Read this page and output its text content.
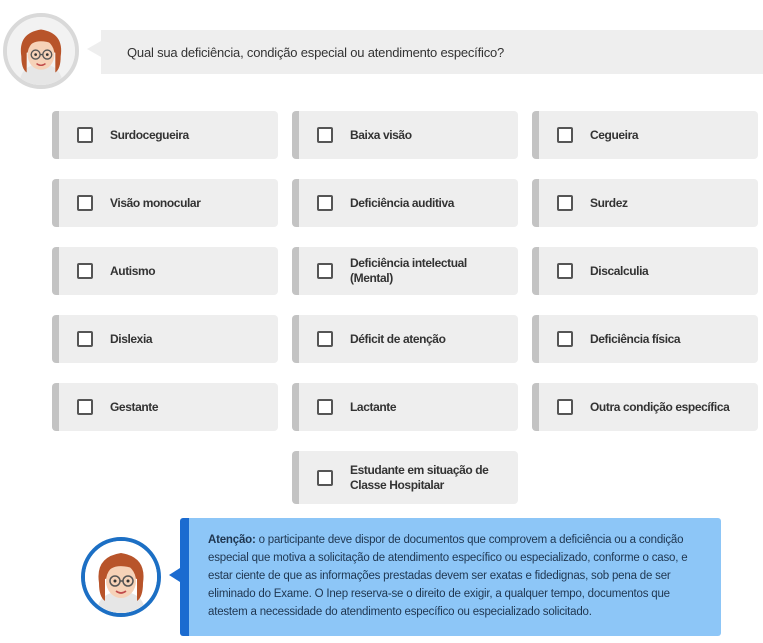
Qual sua deficiência, condição especial ou atendimento específico?
Surdocegueira	Baixa visão	Cegueira
Visão monocular	Deficiência auditiva	Surdez
Autismo
Deficiência intelectual (Mental)
Discalculia
Dislexia	Déficit de atenção	Deficiência física
Gestante	Lactante	Outra condição específica
Estudante em situação de Classe Hospitalar
Atenção: o participante deve dispor de documentos que comprovem a deficiência ou a condição especial que motiva a solicitação de atendimento específico ou especializado, conforme o caso, e estar ciente de que as informações prestadas devem ser exatas e fidedignas, sob pena de ser eliminado do Exame. O Inep reserva-se o direito de exigir, a qualquer tempo, documentos que atestem a necessidade do atendimento específico ou especializado solicitado.
